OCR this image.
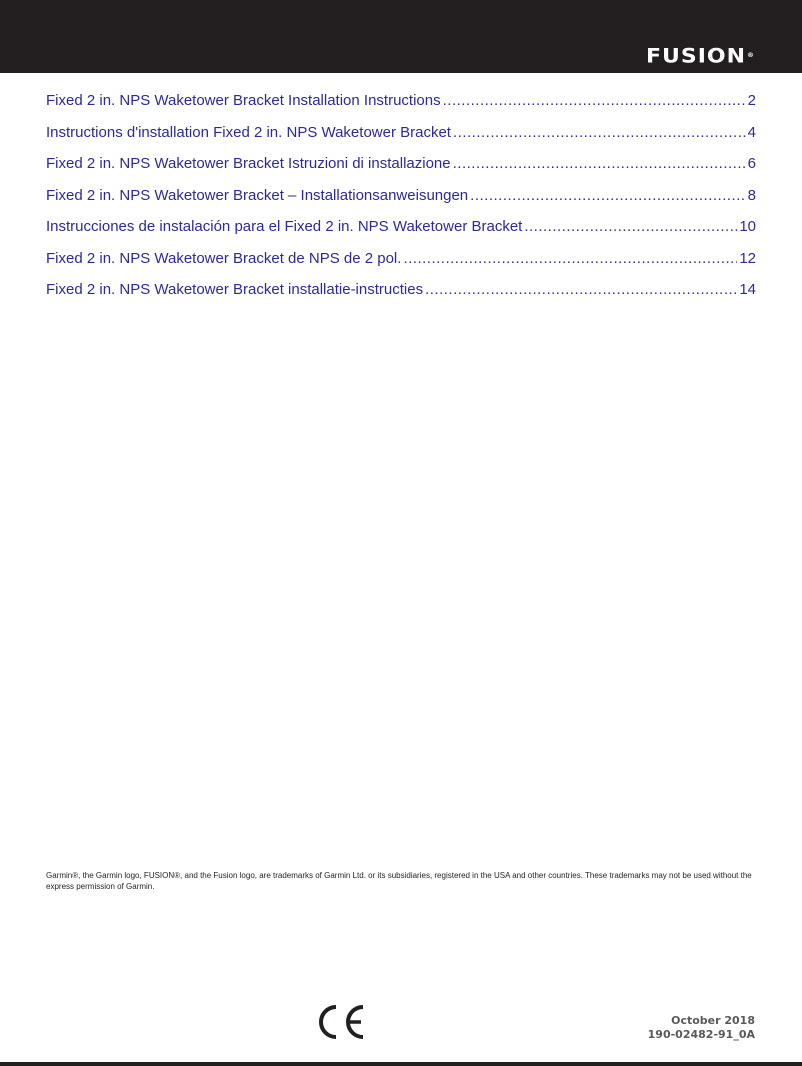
FUSION®
Fixed 2 in. NPS Waketower Bracket Installation Instructions .....	2
Instructions d'installation Fixed 2 in. NPS Waketower Bracket .....	4
Fixed 2 in. NPS Waketower Bracket Istruzioni di installazione .....	6
Fixed 2 in. NPS Waketower Bracket – Installationsanweisungen .....	8
Instrucciones de instalación para el Fixed 2 in. NPS Waketower Bracket .....	10
Fixed 2 in. NPS Waketower Bracket de NPS de 2 pol. .....	12
Fixed 2 in. NPS Waketower Bracket installatie-instructies .....	14

Garmin®, the Garmin logo, FUSION®, and the Fusion logo, are trademarks of Garmin Ltd. or its subsidiaries, registered in the USA and other countries. These trademarks may not be used without the express permission of Garmin.

October 2018
190-02482-91_0A
